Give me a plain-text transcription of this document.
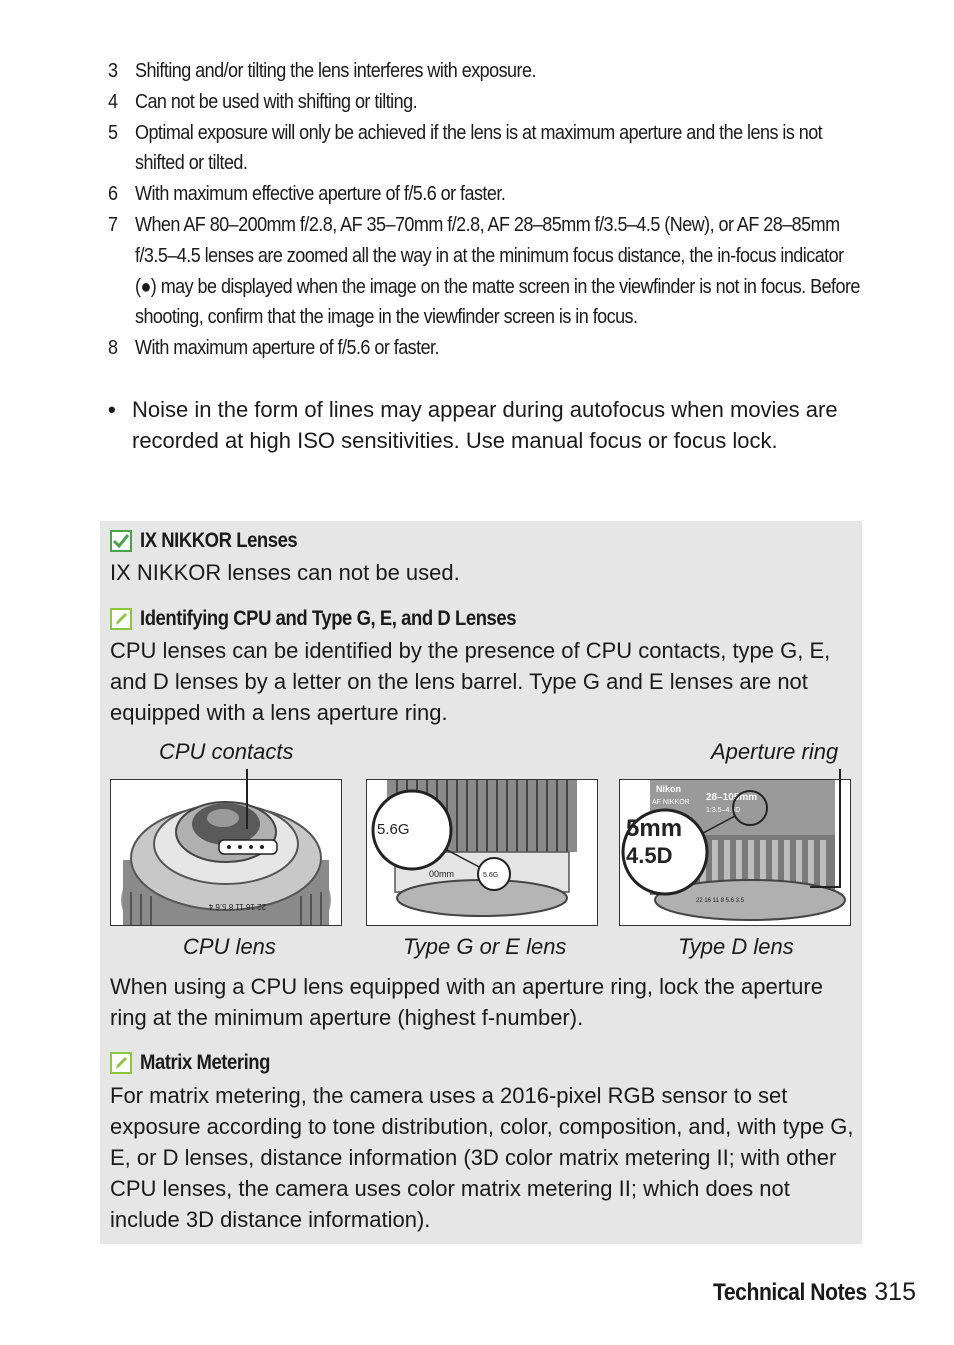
3 Shifting and/or tilting the lens interferes with exposure.
4 Can not be used with shifting or tilting.
5 Optimal exposure will only be achieved if the lens is at maximum aperture and the lens is not shifted or tilted.
6 With maximum effective aperture of f/5.6 or faster.
7 When AF 80–200mm f/2.8, AF 35–70mm f/2.8, AF 28–85mm f/3.5–4.5 (New), or AF 28–85mm f/3.5–4.5 lenses are zoomed all the way in at the minimum focus distance, the in-focus indicator (●) may be displayed when the image on the matte screen in the viewfinder is not in focus. Before shooting, confirm that the image in the viewfinder screen is in focus.
8 With maximum aperture of f/5.6 or faster.
• Noise in the form of lines may appear during autofocus when movies are recorded at high ISO sensitivities. Use manual focus or focus lock.
IX NIKKOR Lenses
IX NIKKOR lenses can not be used.
Identifying CPU and Type G, E, and D Lenses
CPU lenses can be identified by the presence of CPU contacts, type G, E, and D lenses by a letter on the lens barrel. Type G and E lenses are not equipped with a lens aperture ring.
CPU contacts	Aperture ring
22 16 11 8 5.6 4
00mm
5.6G
5.6G
Nikon
AF NIKKOR 28–105mm
1:3.5–4.5D
22 16 11 8 5.6 3.5
5mm
4.5D
CPU lens	Type G or E lens	Type D lens
When using a CPU lens equipped with an aperture ring, lock the aperture ring at the minimum aperture (highest f-number).
Matrix Metering
For matrix metering, the camera uses a 2016-pixel RGB sensor to set exposure according to tone distribution, color, composition, and, with type G, E, or D lenses, distance information (3D color matrix metering II; with other CPU lenses, the camera uses color matrix metering II; which does not include 3D distance information).
Technical Notes 315
